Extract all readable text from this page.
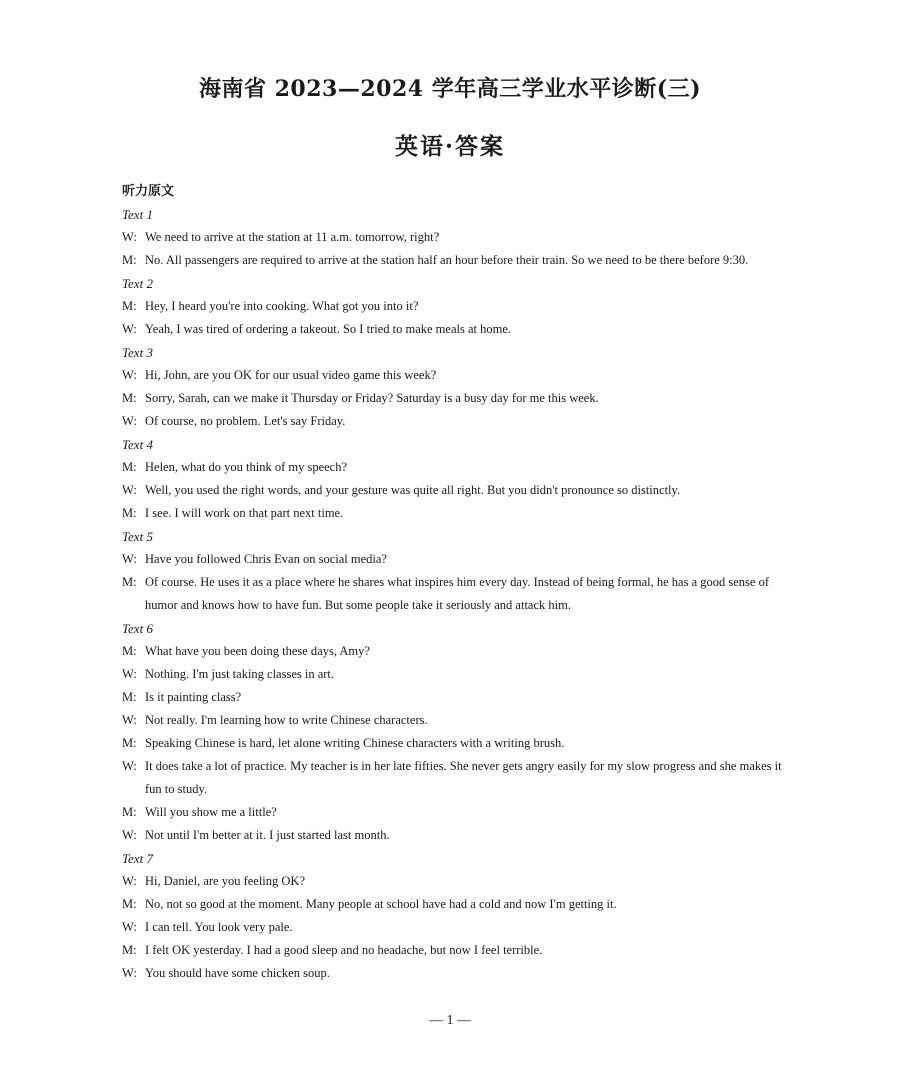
海南省 2023—2024 学年高三学业水平诊断(三)
英语·答案
听力原文
Text 1
W: We need to arrive at the station at 11 a.m. tomorrow, right?
M: No. All passengers are required to arrive at the station half an hour before their train. So we need to be there before 9:30.
Text 2
M: Hey, I heard you're into cooking. What got you into it?
W: Yeah, I was tired of ordering a takeout. So I tried to make meals at home.
Text 3
W: Hi, John, are you OK for our usual video game this week?
M: Sorry, Sarah, can we make it Thursday or Friday? Saturday is a busy day for me this week.
W: Of course, no problem. Let's say Friday.
Text 4
M: Helen, what do you think of my speech?
W: Well, you used the right words, and your gesture was quite all right. But you didn't pronounce so distinctly.
M: I see. I will work on that part next time.
Text 5
W: Have you followed Chris Evan on social media?
M: Of course. He uses it as a place where he shares what inspires him every day. Instead of being formal, he has a good sense of humor and knows how to have fun. But some people take it seriously and attack him.
Text 6
M: What have you been doing these days, Amy?
W: Nothing. I'm just taking classes in art.
M: Is it painting class?
W: Not really. I'm learning how to write Chinese characters.
M: Speaking Chinese is hard, let alone writing Chinese characters with a writing brush.
W: It does take a lot of practice. My teacher is in her late fifties. She never gets angry easily for my slow progress and she makes it fun to study.
M: Will you show me a little?
W: Not until I'm better at it. I just started last month.
Text 7
W: Hi, Daniel, are you feeling OK?
M: No, not so good at the moment. Many people at school have had a cold and now I'm getting it.
W: I can tell. You look very pale.
M: I felt OK yesterday. I had a good sleep and no headache, but now I feel terrible.
W: You should have some chicken soup.
— 1 —
